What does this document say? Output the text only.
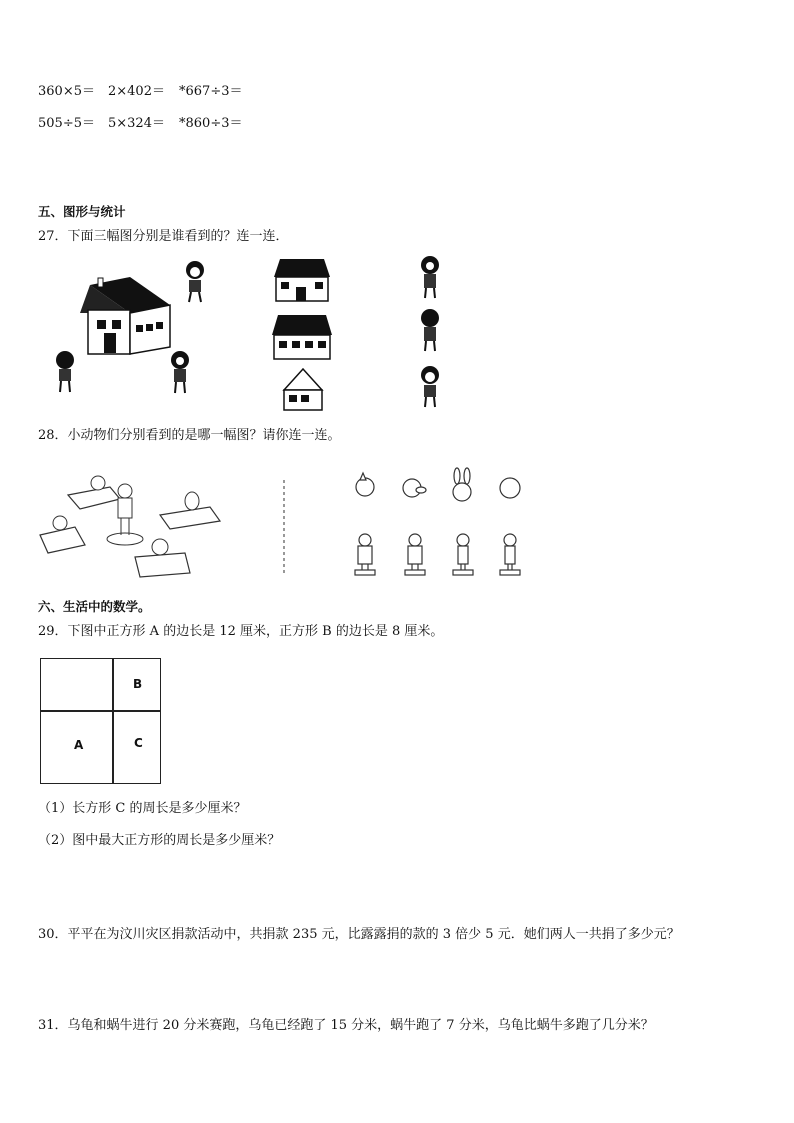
360×5＝ 2×402＝ *667÷3＝
505÷5＝ 5×324＝ *860÷3＝
五、图形与统计
27．下面三幅图分别是谁看到的？连一连．
28．小动物们分别看到的是哪一幅图？请你连一连。
六、生活中的数学。
29．下图中正方形 A 的边长是 12 厘米，正方形 B 的边长是 8 厘米。
B
A	C
（1）长方形 C 的周长是多少厘米？
（2）图中最大正方形的周长是多少厘米？
30．平平在为汶川灾区捐款活动中，共捐款 235 元，比露露捐的款的 3 倍少 5 元．她们两人一共捐了多少元？
31．乌龟和蜗牛进行 20 分米赛跑，乌龟已经跑了 15 分米，蜗牛跑了 7 分米，乌龟比蜗牛多跑了几分米？
